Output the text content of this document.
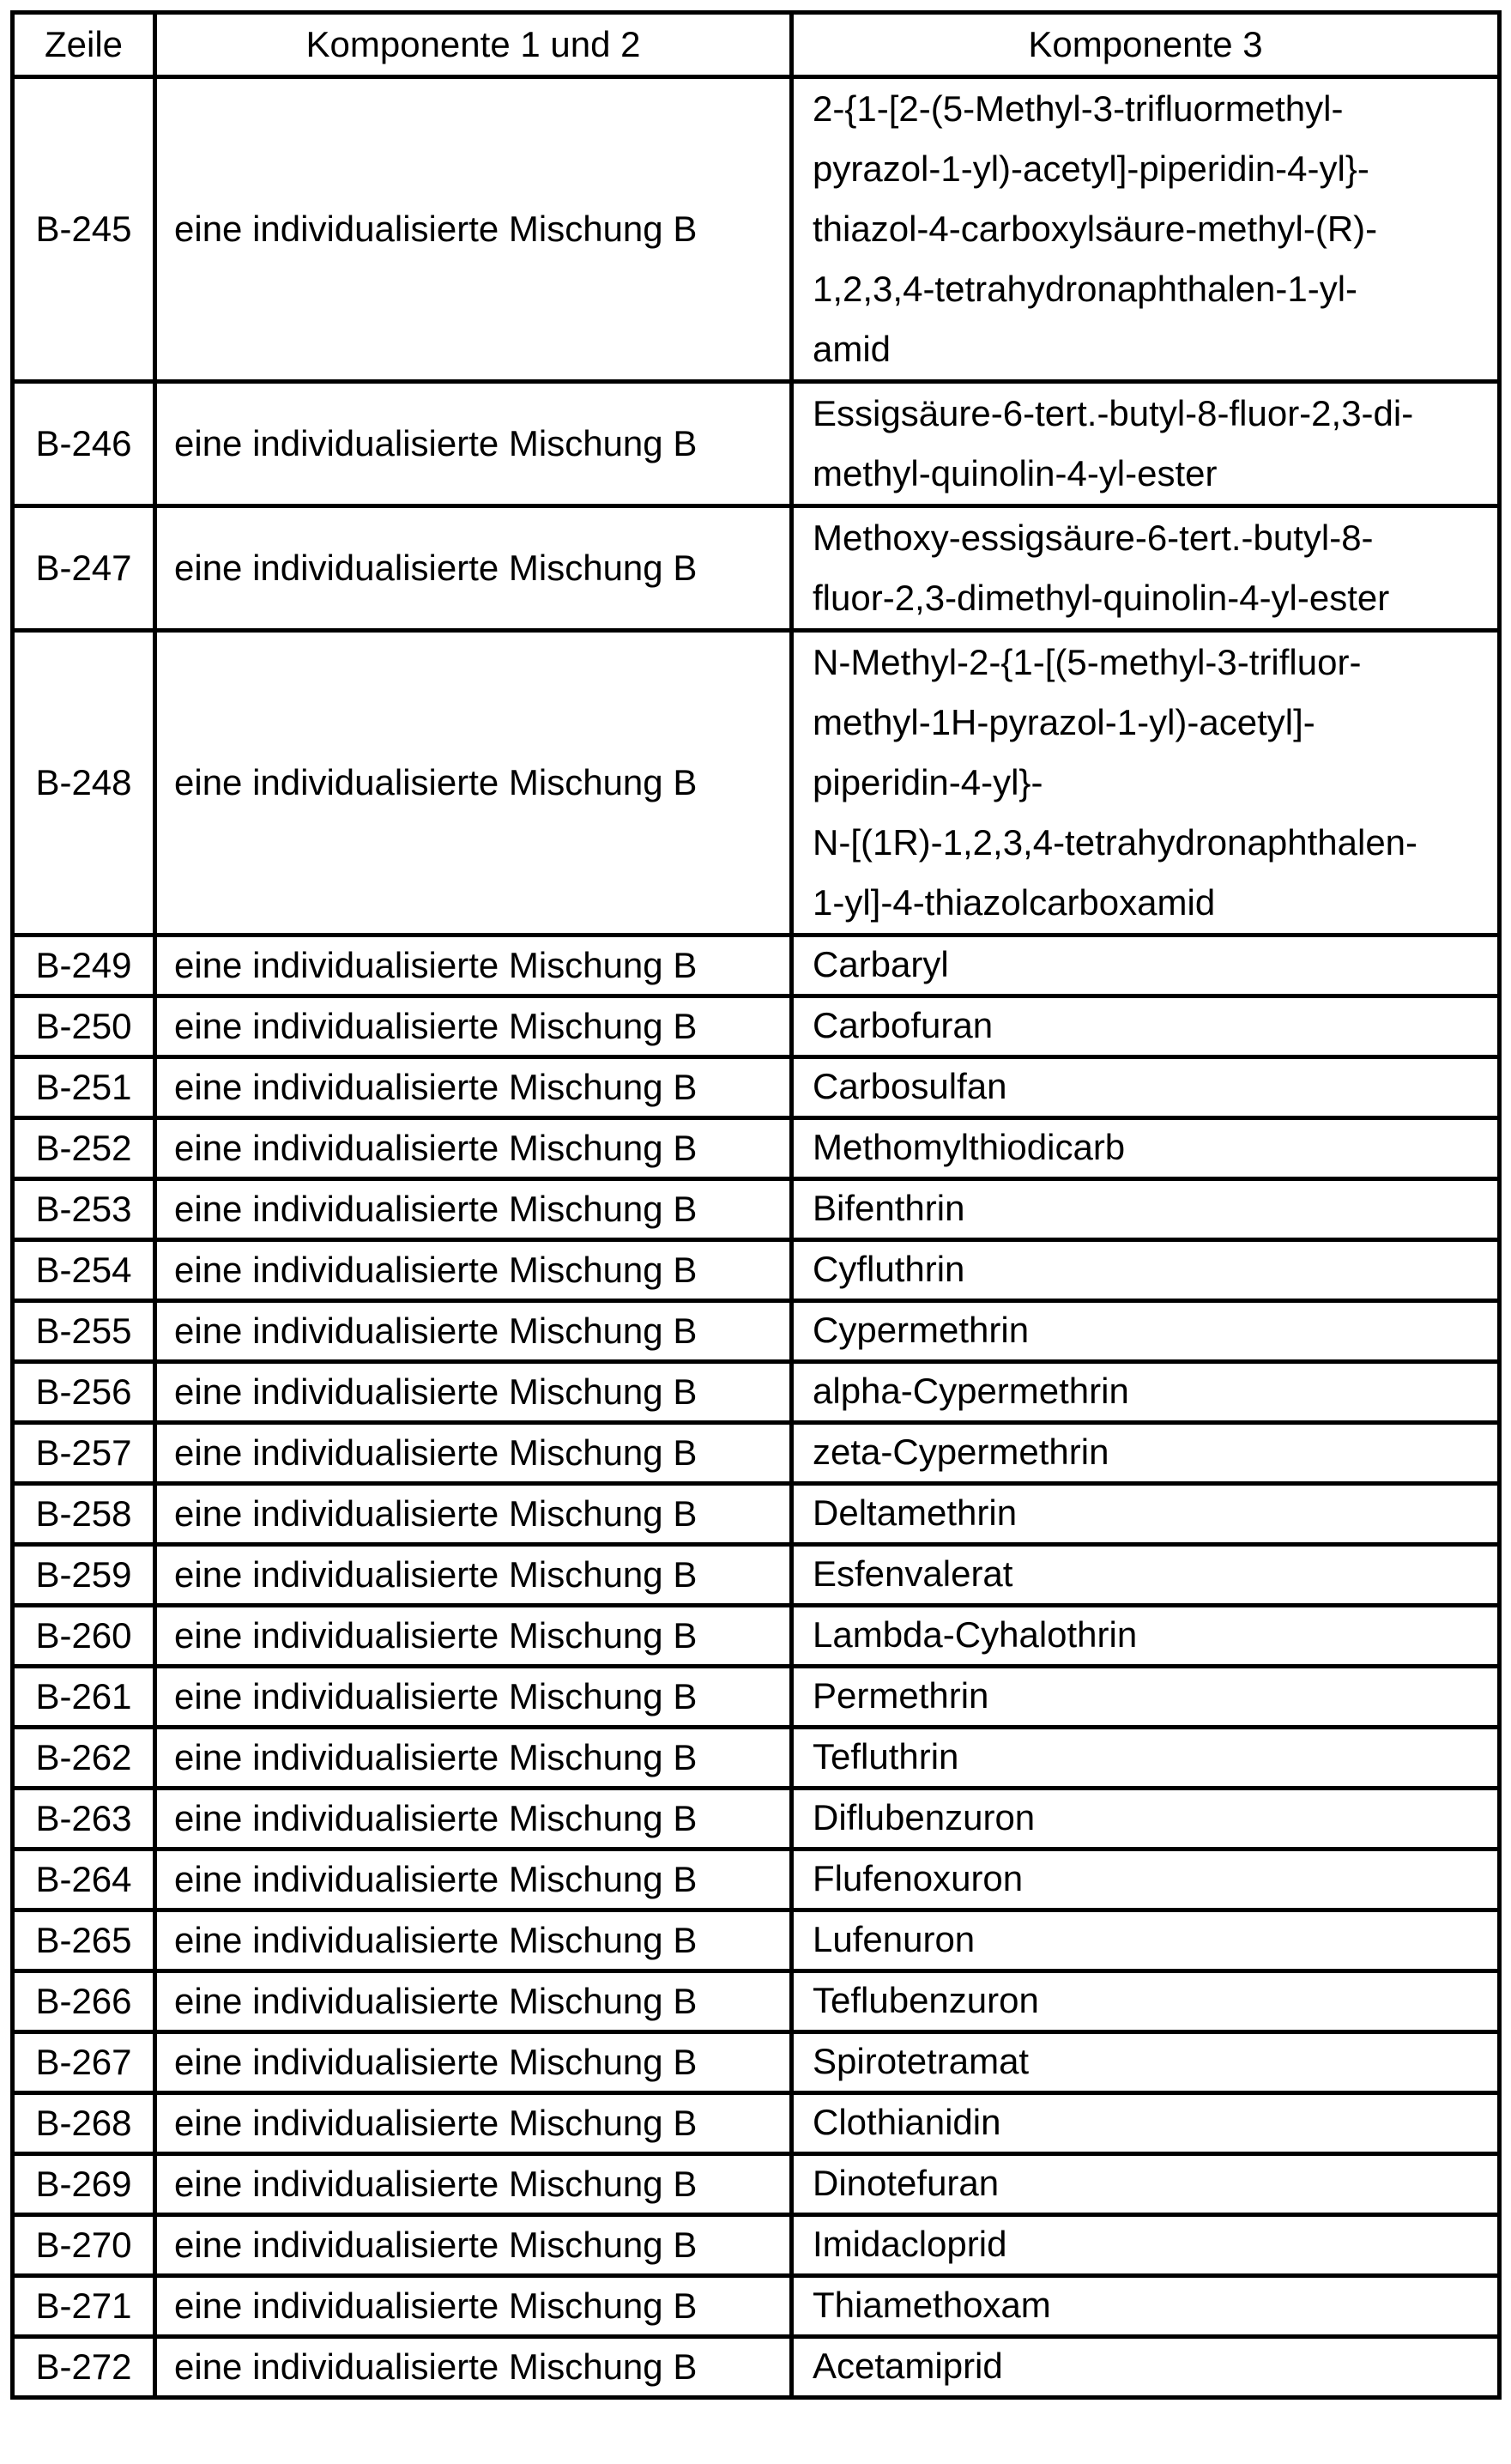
Zeile	Komponente 1 und 2	Komponente 3
B-245	eine individualisierte Mischung B	2-{1-[2-(5-Methyl-3-trifluormethyl-
pyrazol-1-yl)-acetyl]-piperidin-4-yl}-
thiazol-4-carboxylsäure-methyl-(R)-
1,2,3,4-tetrahydronaphthalen-1-yl-
amid

B-246	eine individualisierte Mischung B	Essigsäure-6-tert.-butyl-8-fluor-2,3-di-
methyl-quinolin-4-yl-ester

B-247	eine individualisierte Mischung B	Methoxy-essigsäure-6-tert.-butyl-8-
fluor-2,3-dimethyl-quinolin-4-yl-ester

B-248	eine individualisierte Mischung B	N-Methyl-2-{1-[(5-methyl-3-trifluor-
methyl-1H-pyrazol-1-yl)-acetyl]-
piperidin-4-yl}-
N-[(1R)-1,2,3,4-tetrahydronaphthalen-
1-yl]-4-thiazolcarboxamid

B-249	eine individualisierte Mischung B	Carbaryl
B-250	eine individualisierte Mischung B	Carbofuran
B-251	eine individualisierte Mischung B	Carbosulfan
B-252	eine individualisierte Mischung B	Methomylthiodicarb
B-253	eine individualisierte Mischung B	Bifenthrin
B-254	eine individualisierte Mischung B	Cyfluthrin
B-255	eine individualisierte Mischung B	Cypermethrin
B-256	eine individualisierte Mischung B	alpha-Cypermethrin
B-257	eine individualisierte Mischung B	zeta-Cypermethrin
B-258	eine individualisierte Mischung B	Deltamethrin
B-259	eine individualisierte Mischung B	Esfenvalerat
B-260	eine individualisierte Mischung B	Lambda-Cyhalothrin
B-261	eine individualisierte Mischung B	Permethrin
B-262	eine individualisierte Mischung B	Tefluthrin
B-263	eine individualisierte Mischung B	Diflubenzuron
B-264	eine individualisierte Mischung B	Flufenoxuron
B-265	eine individualisierte Mischung B	Lufenuron
B-266	eine individualisierte Mischung B	Teflubenzuron
B-267	eine individualisierte Mischung B	Spirotetramat
B-268	eine individualisierte Mischung B	Clothianidin
B-269	eine individualisierte Mischung B	Dinotefuran
B-270	eine individualisierte Mischung B	Imidacloprid
B-271	eine individualisierte Mischung B	Thiamethoxam
B-272	eine individualisierte Mischung B	Acetamiprid
